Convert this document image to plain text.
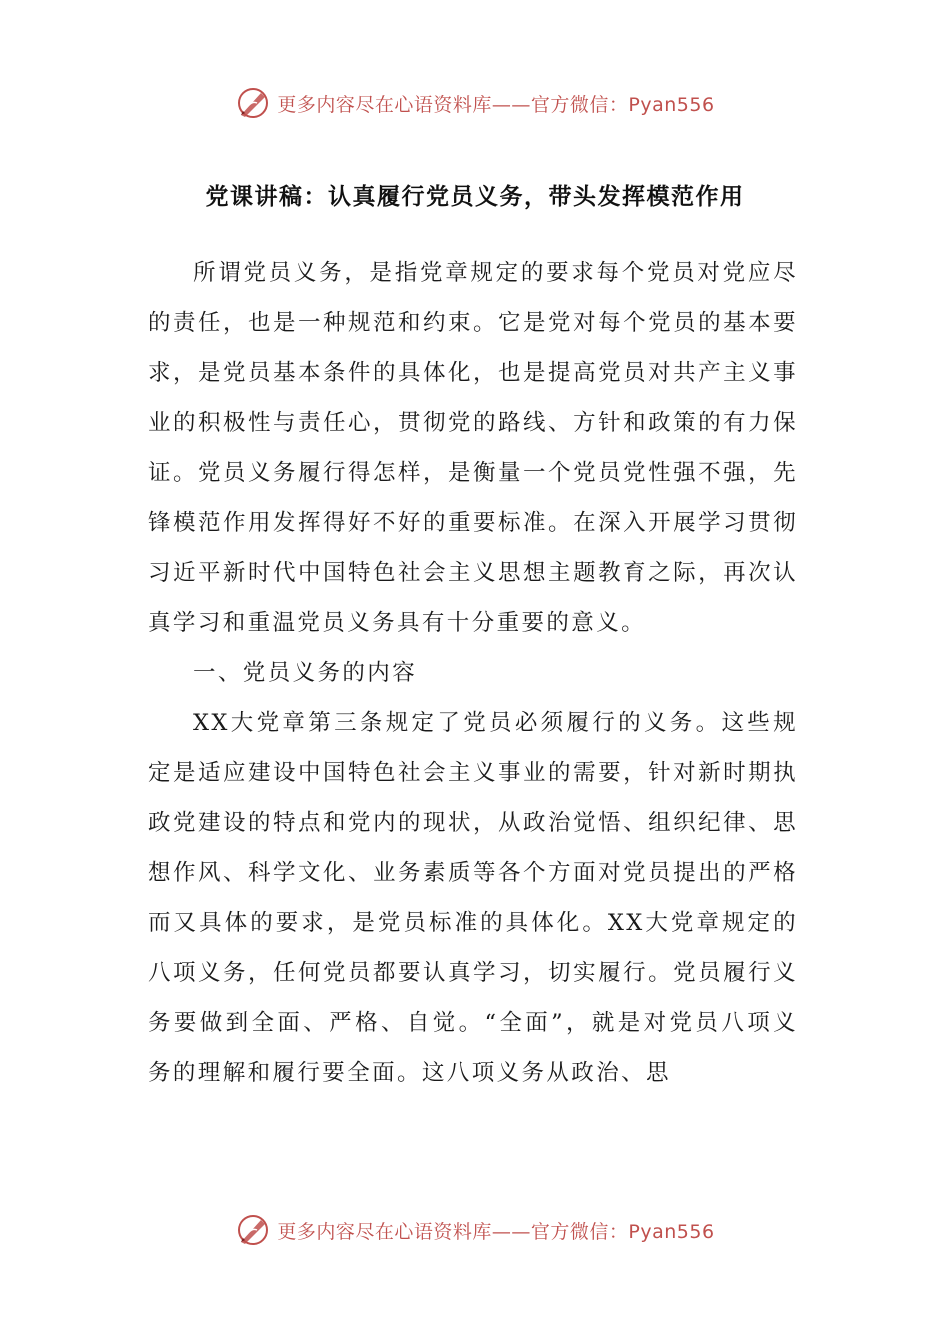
更多内容尽在心语资料库——官方微信：Pyan556
党课讲稿：认真履行党员义务，带头发挥模范作用

所谓党员义务，是指党章规定的要求每个党员对党应尽的责任，也是一种规范和约束。它是党对每个党员的基本要求，是党员基本条件的具体化，也是提高党员对共产主义事业的积极性与责任心，贯彻党的路线、方针和政策的有力保证。党员义务履行得怎样，是衡量一个党员党性强不强，先锋模范作用发挥得好不好的重要标准。在深入开展学习贯彻习近平新时代中国特色社会主义思想主题教育之际，再次认真学习和重温党员义务具有十分重要的意义。

一、党员义务的内容

XX大党章第三条规定了党员必须履行的义务。这些规定是适应建设中国特色社会主义事业的需要，针对新时期执政党建设的特点和党内的现状，从政治觉悟、组织纪律、思想作风、科学文化、业务素质等各个方面对党员提出的严格而又具体的要求，是党员标准的具体化。XX大党章规定的八项义务，任何党员都要认真学习，切实履行。党员履行义务要做到全面、严格、自觉。“全面”，就是对党员八项义务的理解和履行要全面。这八项义务从政治、思

更多内容尽在心语资料库——官方微信：Pyan556
